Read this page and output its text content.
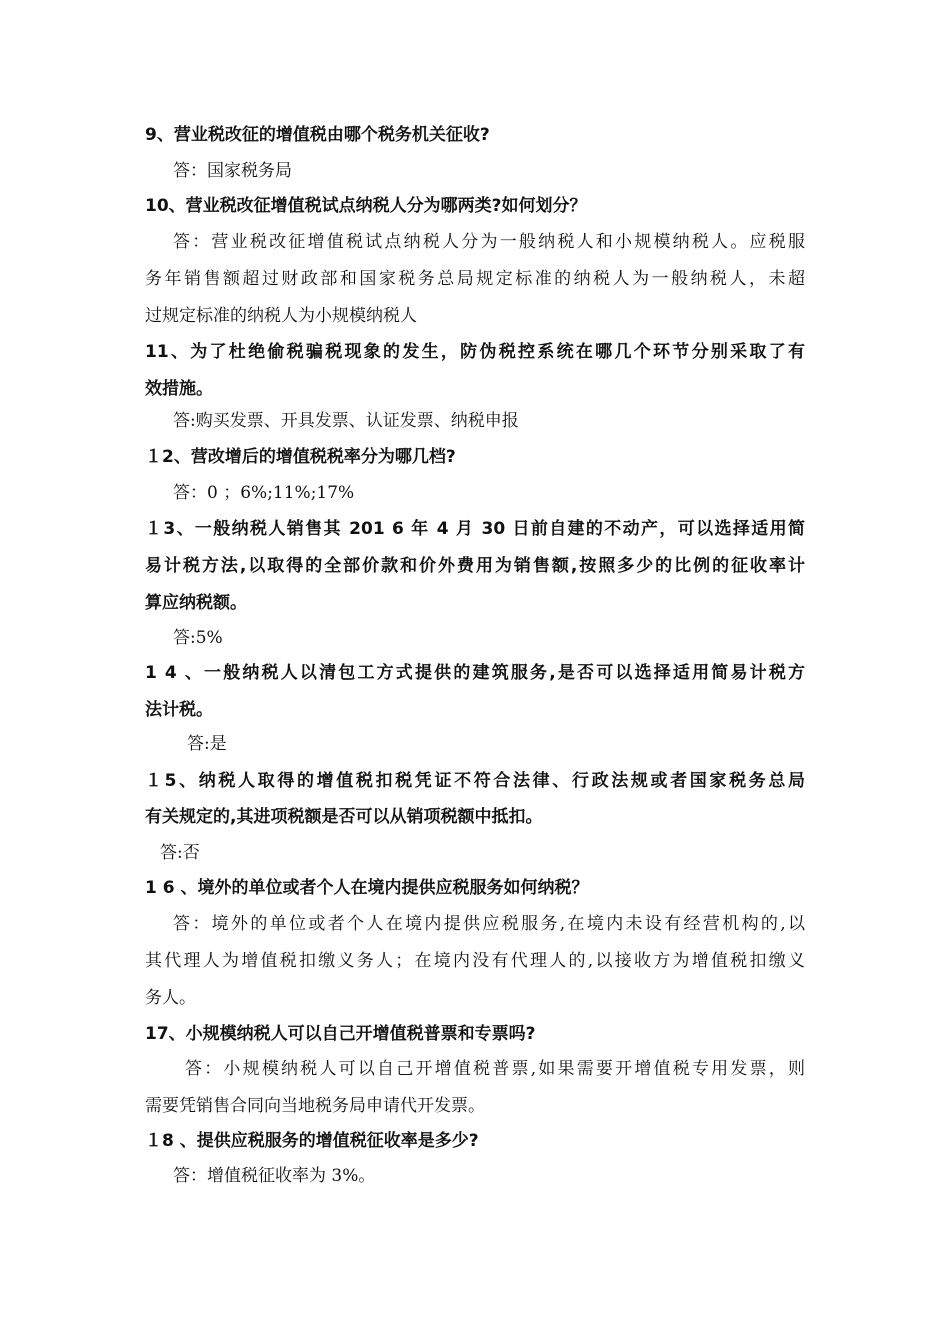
9、营业税改征的增值税由哪个税务机关征收?
答：国家税务局
10、营业税改征增值税试点纳税人分为哪两类?如何划分？
答：营业税改征增值税试点纳税人分为一般纳税人和小规模纳税人。应税服
务年销售额超过财政部和国家税务总局规定标准的纳税人为一般纳税人，未超
过规定标准的纳税人为小规模纳税人
11、为了杜绝偷税骗税现象的发生，防伪税控系统在哪几个环节分别采取了有
效措施。
答:购买发票、开具发票、认证发票、纳税申报
１2、营改增后的增值税税率分为哪几档?
答：0 ；6%;11%;17%
１3、一般纳税人销售其 201 6 年 4 月 30 日前自建的不动产，可以选择适用简
易计税方法,以取得的全部价款和价外费用为销售额,按照多少的比例的征收率计
算应纳税额。
答:5%
1 4 、一般纳税人以清包工方式提供的建筑服务,是否可以选择适用简易计税方
法计税。
答:是
１5、纳税人取得的增值税扣税凭证不符合法律、行政法规或者国家税务总局
有关规定的,其进项税额是否可以从销项税额中抵扣。
答:否
1 6 、境外的单位或者个人在境内提供应税服务如何纳税？
答：境外的单位或者个人在境内提供应税服务,在境内未设有经营机构的,以
其代理人为增值税扣缴义务人；在境内没有代理人的,以接收方为增值税扣缴义
务人。
17、小规模纳税人可以自己开增值税普票和专票吗?
答：小规模纳税人可以自己开增值税普票,如果需要开增值税专用发票，则
需要凭销售合同向当地税务局申请代开发票。
１8 、提供应税服务的增值税征收率是多少?
答：增值税征收率为 3%。
